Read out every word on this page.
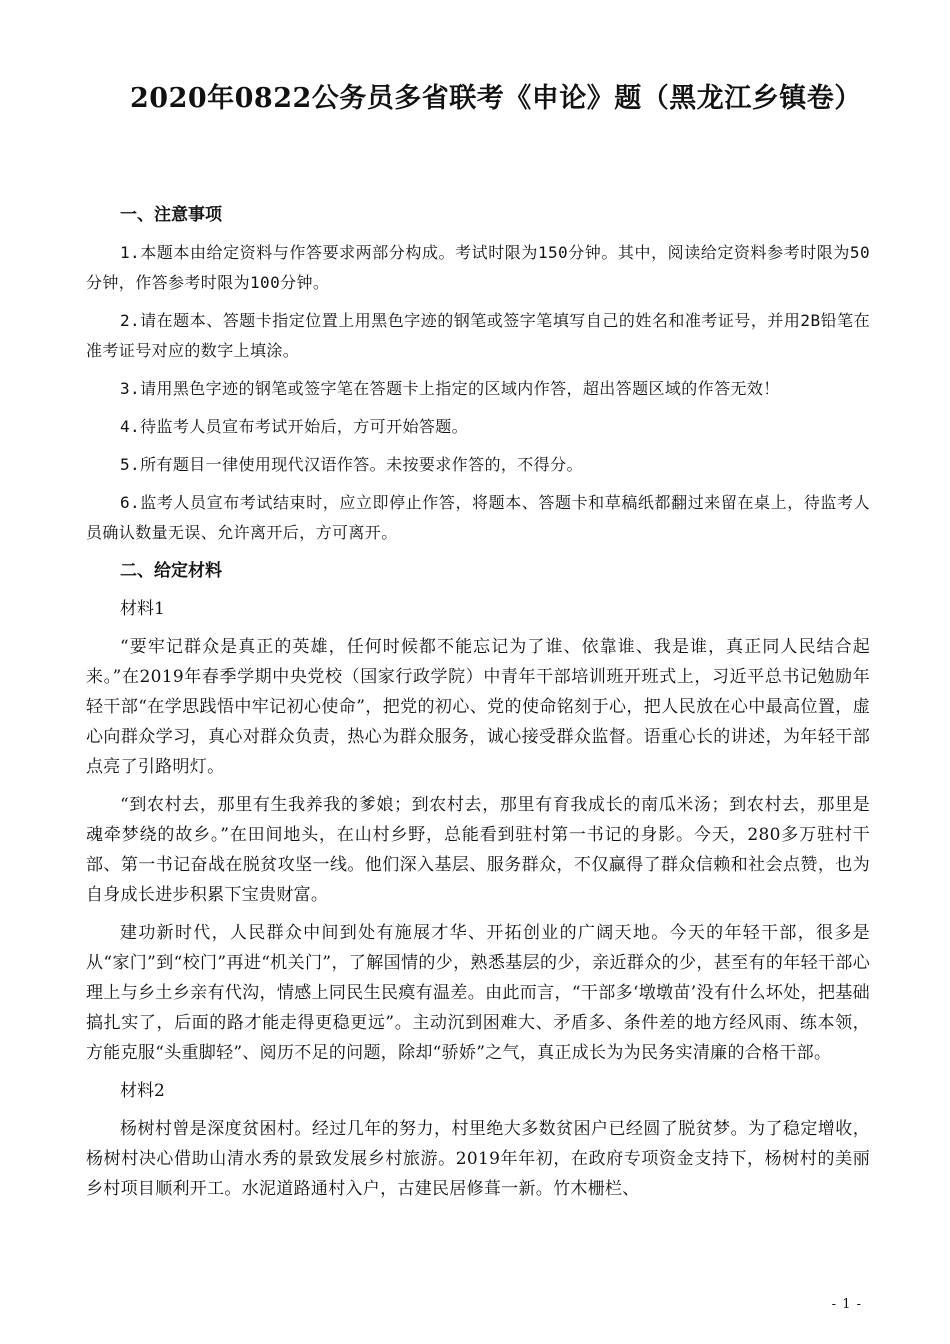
2020年0822公务员多省联考《申论》题（黑龙江乡镇卷）

一、注意事项

1.本题本由给定资料与作答要求两部分构成。考试时限为150分钟。其中，阅读给定资料参考时限为50分钟，作答参考时限为100分钟。

2.请在题本、答题卡指定位置上用黑色字迹的钢笔或签字笔填写自己的姓名和准考证号，并用2B铅笔在准考证号对应的数字上填涂。

3.请用黑色字迹的钢笔或签字笔在答题卡上指定的区域内作答，超出答题区域的作答无效！

4.待监考人员宣布考试开始后，方可开始答题。

5.所有题目一律使用现代汉语作答。未按要求作答的，不得分。

6.监考人员宣布考试结束时，应立即停止作答，将题本、答题卡和草稿纸都翻过来留在桌上，待监考人员确认数量无误、允许离开后，方可离开。

二、给定材料

材料1

“要牢记群众是真正的英雄，任何时候都不能忘记为了谁、依靠谁、我是谁，真正同人民结合起来。”在2019年春季学期中央党校（国家行政学院）中青年干部培训班开班式上，习近平总书记勉励年轻干部“在学思践悟中牢记初心使命”，把党的初心、党的使命铭刻于心，把人民放在心中最高位置，虚心向群众学习，真心对群众负责，热心为群众服务，诚心接受群众监督。语重心长的讲述，为年轻干部点亮了引路明灯。

“到农村去，那里有生我养我的爹娘；到农村去，那里有育我成长的南瓜米汤；到农村去，那里是魂牵梦绕的故乡。”在田间地头，在山村乡野，总能看到驻村第一书记的身影。今天，280多万驻村干部、第一书记奋战在脱贫攻坚一线。他们深入基层、服务群众，不仅赢得了群众信赖和社会点赞，也为自身成长进步积累下宝贵财富。

建功新时代，人民群众中间到处有施展才华、开拓创业的广阔天地。今天的年轻干部，很多是从“家门”到“校门”再进“机关门”，了解国情的少，熟悉基层的少，亲近群众的少，甚至有的年轻干部心理上与乡土乡亲有代沟，情感上同民生民瘼有温差。由此而言，“干部多‘墩墩苗’没有什么坏处，把基础搞扎实了，后面的路才能走得更稳更远”。主动沉到困难大、矛盾多、条件差的地方经风雨、练本领，方能克服“头重脚轻”、阅历不足的问题，除却“骄娇”之气，真正成长为为民务实清廉的合格干部。

材料2

杨树村曾是深度贫困村。经过几年的努力，村里绝大多数贫困户已经圆了脱贫梦。为了稳定增收，杨树村决心借助山清水秀的景致发展乡村旅游。2019年年初，在政府专项资金支持下，杨树村的美丽乡村项目顺利开工。水泥道路通村入户，古建民居修葺一新。竹木栅栏、

- 1 -
